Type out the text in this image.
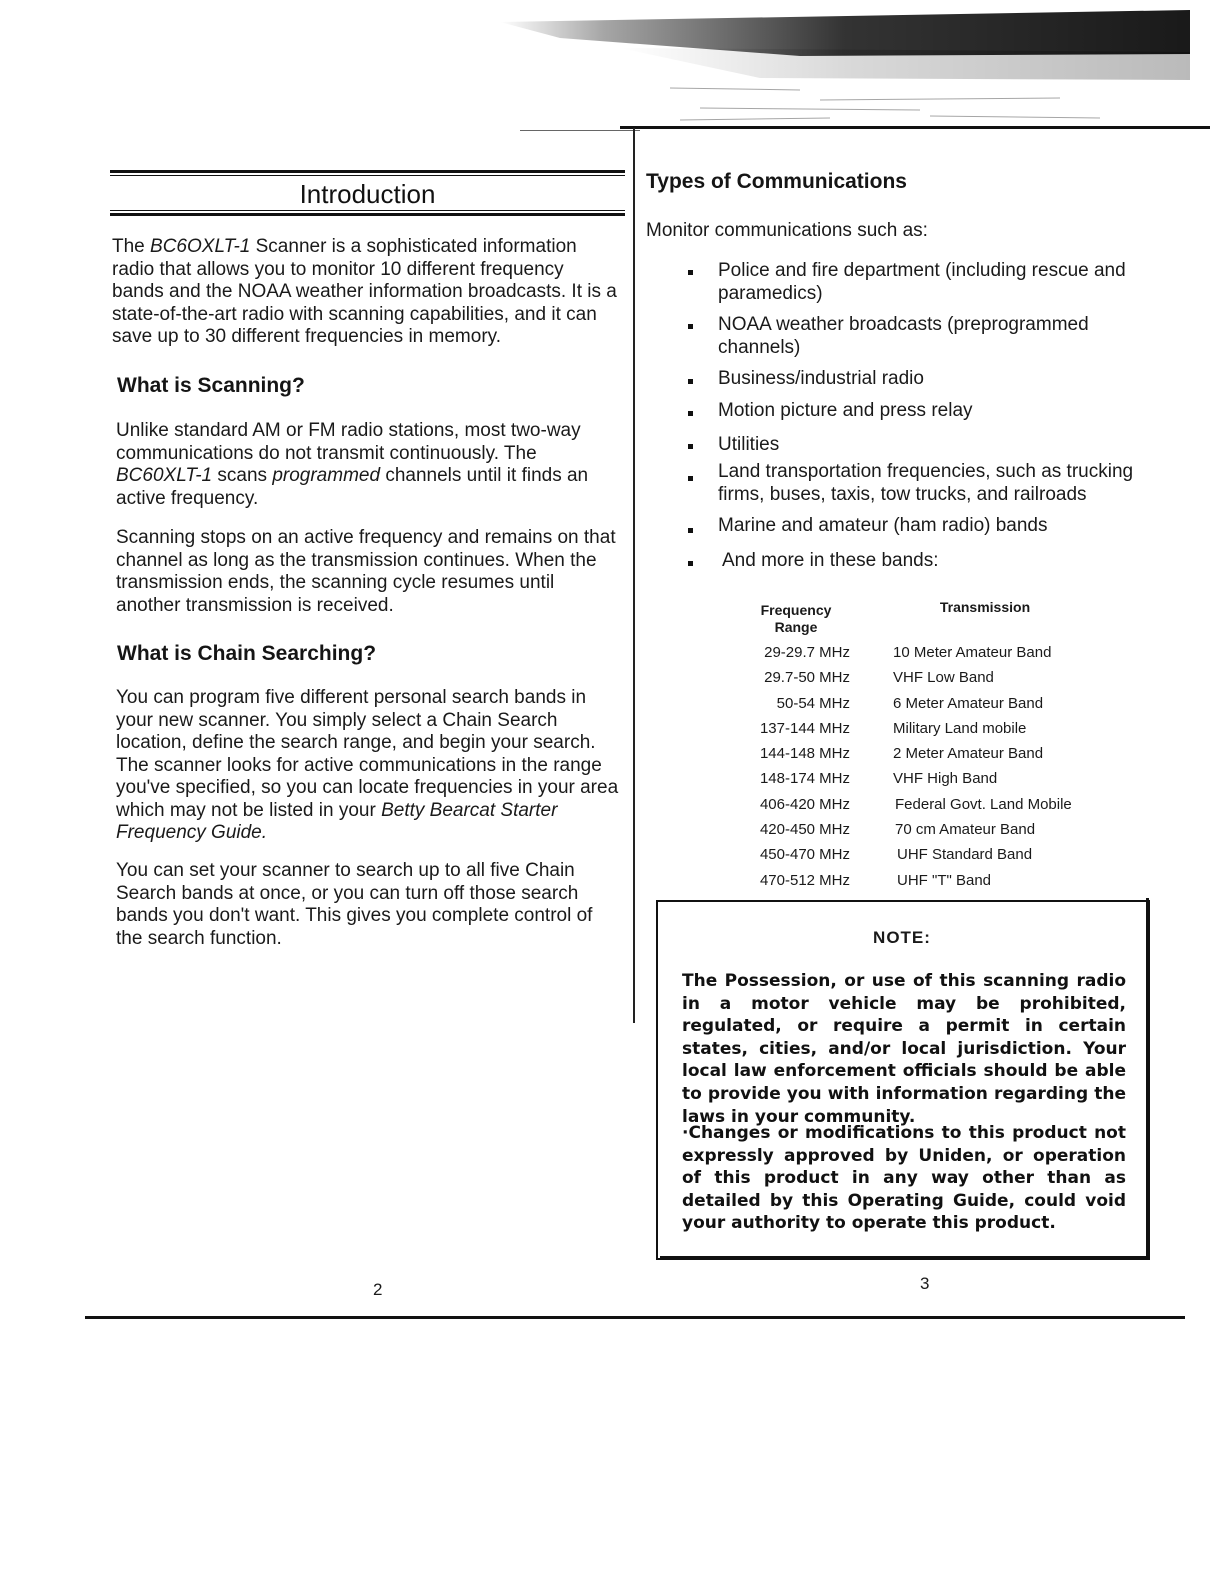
Introduction
The BC6OXLT-1 Scanner is a sophisticated information radio that allows you to monitor 10 different frequency bands and the NOAA weather information broadcasts. It is a state-of-the-art radio with scanning capabilities, and it can save up to 30 different frequencies in memory.
What is Scanning?
Unlike standard AM or FM radio stations, most two-way communications do not transmit continuously. The BC60XLT-1 scans programmed channels until it finds an active frequency.
Scanning stops on an active frequency and remains on that channel as long as the transmission continues. When the transmission ends, the scanning cycle resumes until another transmission is received.
What is Chain Searching?
You can program five different personal search bands in your new scanner. You simply select a Chain Search location, define the search range, and begin your search. The scanner looks for active communications in the range you've specified, so you can locate frequencies in your area which may not be listed in your Betty Bearcat Starter Frequency Guide.
You can set your scanner to search up to all five Chain Search bands at once, or you can turn off those search bands you don't want. This gives you complete control of the search function.
2
Types of Communications
Monitor communications such as:
Police and fire department (including rescue and paramedics)
NOAA weather broadcasts (preprogrammed channels)
Business/industrial radio
Motion picture and press relay
Utilities
Land transportation frequencies, such as trucking firms, buses, taxis, tow trucks, and railroads
Marine and amateur (ham radio) bands
And more in these bands:
Frequency
Range
Transmission
29-29.7 MHz	10 Meter Amateur Band
29.7-50 MHz	VHF Low Band
50-54 MHz	6 Meter Amateur Band
137-144 MHz	Military Land mobile
144-148 MHz	2 Meter Amateur Band
148-174 MHz	VHF High Band
406-420 MHz	Federal Govt. Land Mobile
420-450 MHz	70 cm Amateur Band
450-470 MHz	UHF Standard Band
470-512 MHz	UHF "T" Band
NOTE:
The Possession, or use of this scanning radio in a motor vehicle may be prohibited, regulated, or require a permit in certain states, cities, and/or local jurisdiction. Your local law enforcement officials should be able to provide you with information regarding the laws in your community.
·Changes or modifications to this product not expressly approved by Uniden, or operation of this product in any way other than as detailed by this Operating Guide, could void your authority to operate this product.
3
